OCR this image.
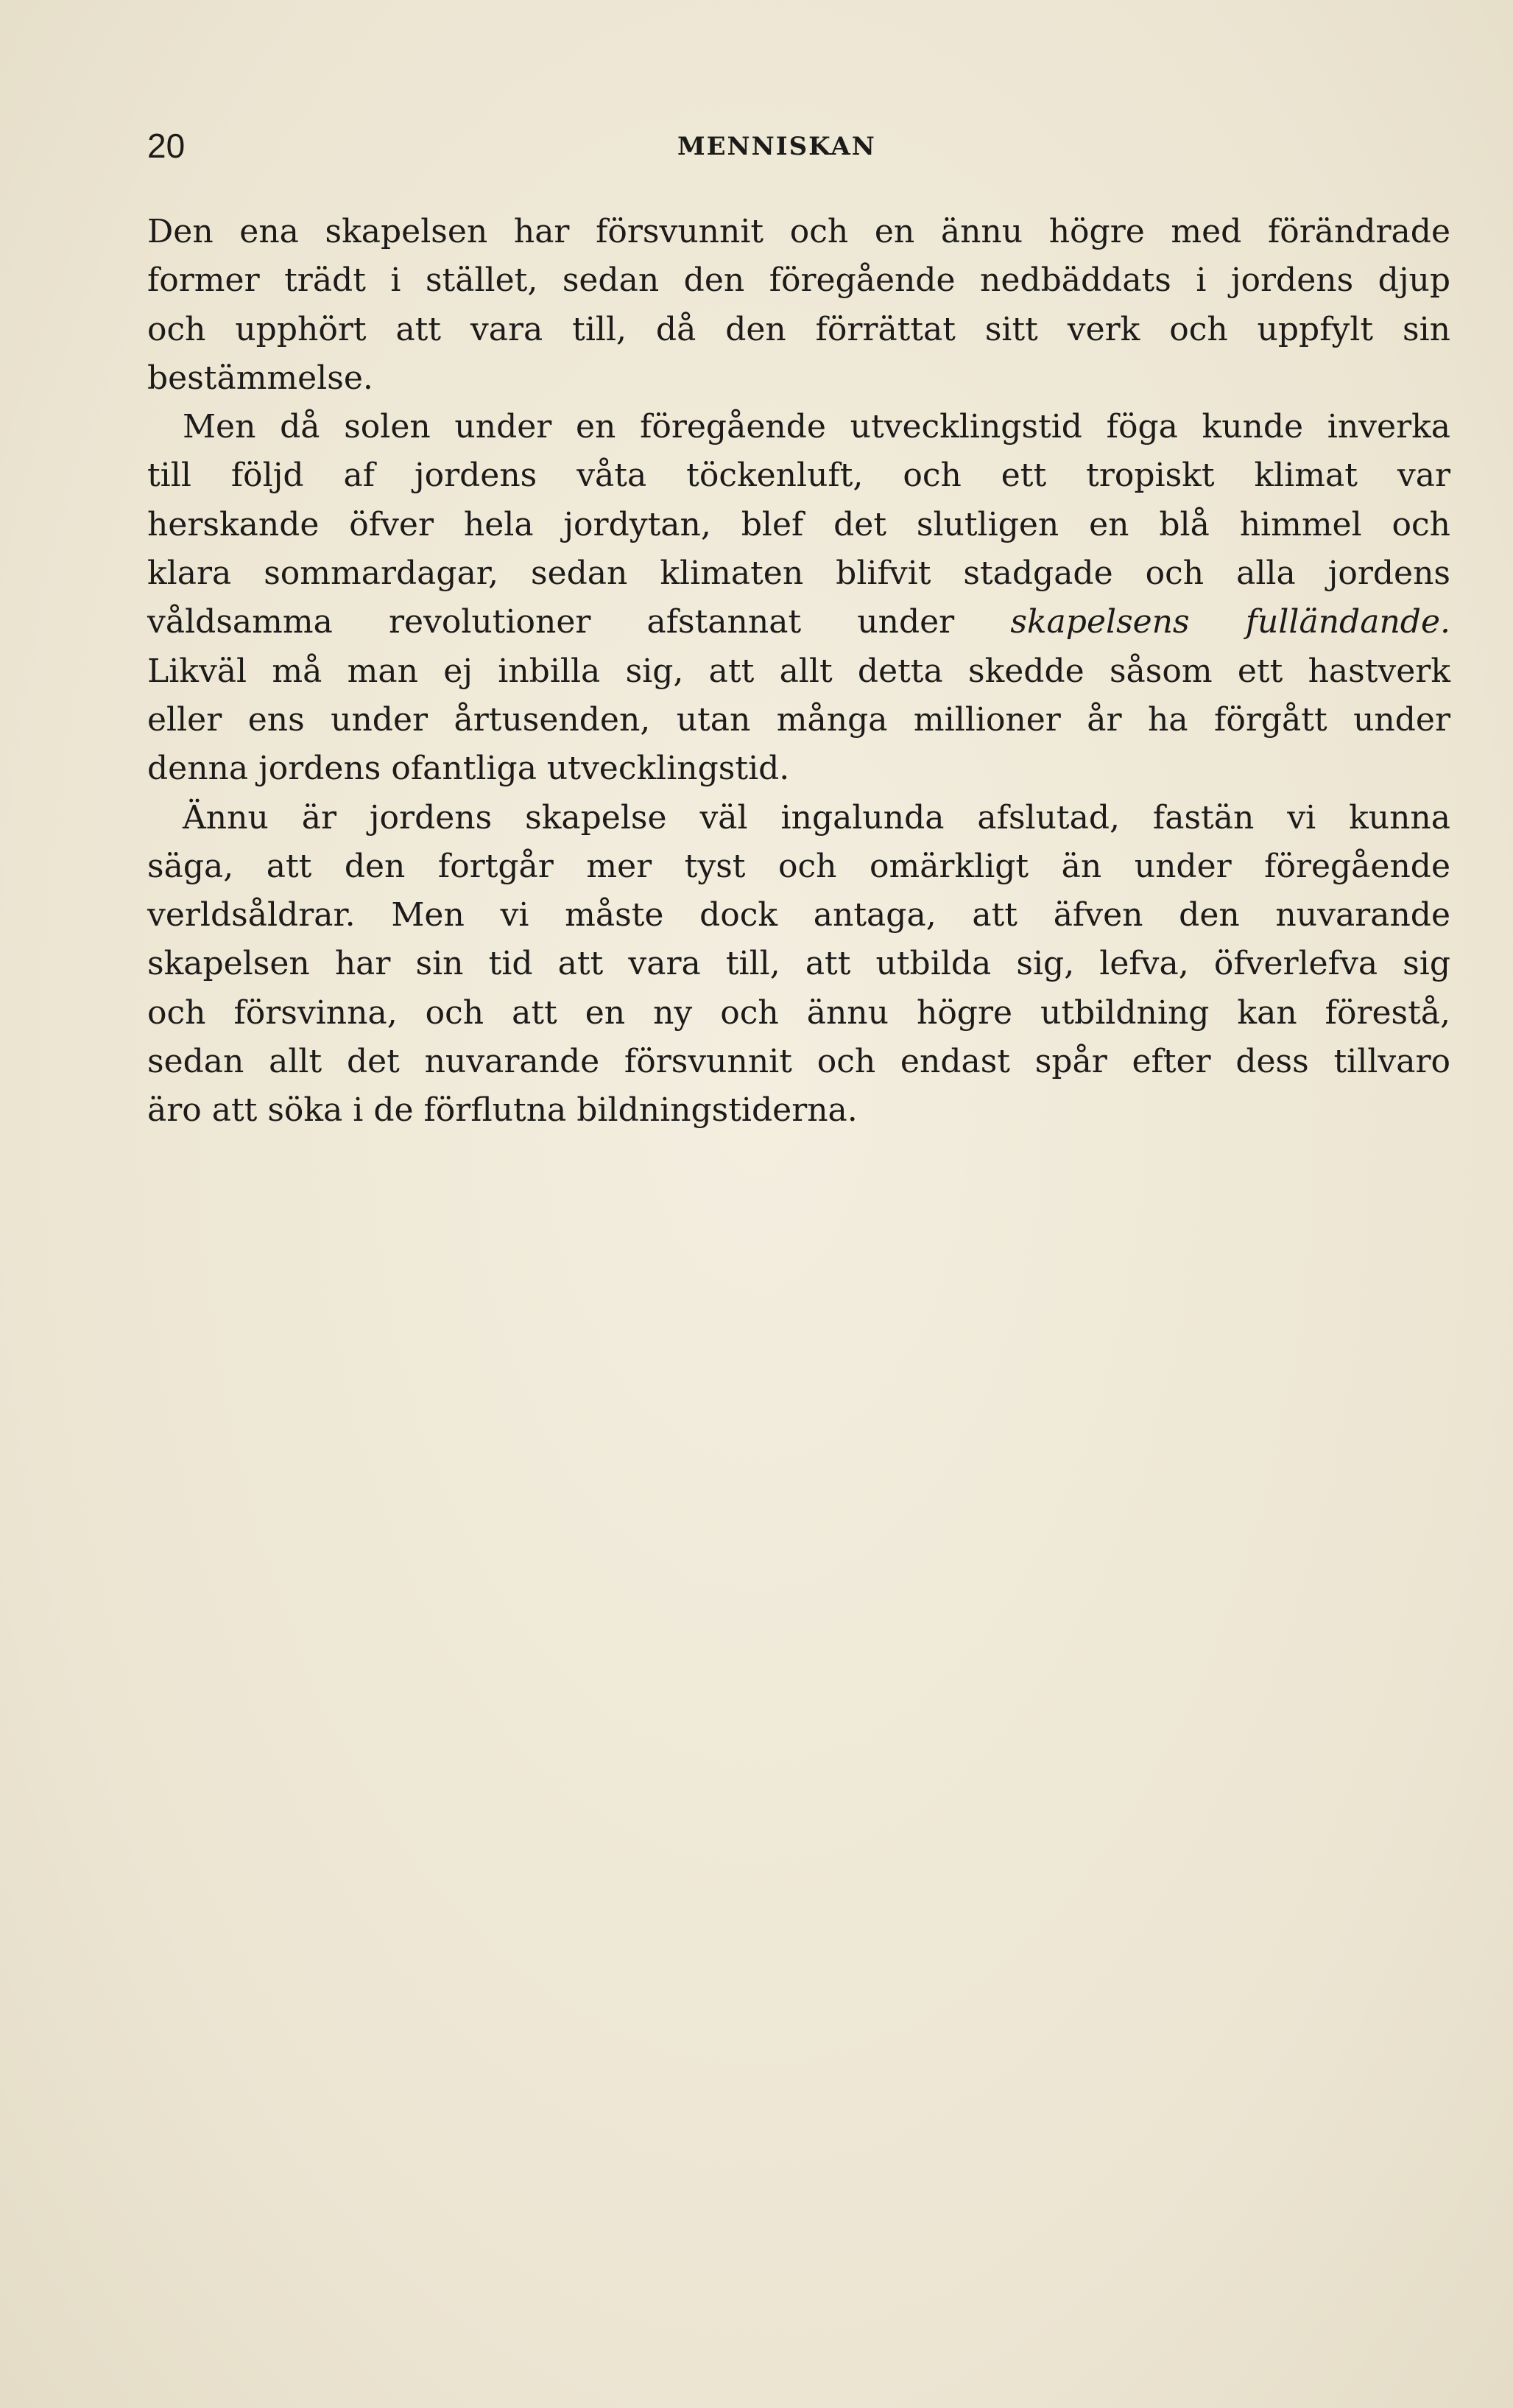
20	MENNISKAN
Den ena skapelsen har försvunnit och en ännu högre med förändrade
former trädt i stället, sedan den föregående nedbäddats i jordens djup
och upphört att vara till, då den förrättat sitt verk och uppfylt sin
bestämmelse.
Men då solen under en föregående utvecklingstid föga kunde inverka
till följd af jordens våta töckenluft, och ett tropiskt klimat var
herskande öfver hela jordytan, blef det slutligen en blå himmel och
klara sommardagar, sedan klimaten blifvit stadgade och alla jordens
våldsamma revolutioner afstannat under skapelsens fulländande.
Likväl må man ej inbilla sig, att allt detta skedde såsom ett hastverk
eller ens under årtusenden, utan många millioner år ha förgått under
denna jordens ofantliga utvecklingstid.
Ännu är jordens skapelse väl ingalunda afslutad, fastän vi kunna
säga, att den fortgår mer tyst och omärkligt än under föregående
verldsåldrar. Men vi måste dock antaga, att äfven den nuvarande
skapelsen har sin tid att vara till, att utbilda sig, lefva, öfverlefva sig
och försvinna, och att en ny och ännu högre utbildning kan förestå,
sedan allt det nuvarande försvunnit och endast spår efter dess tillvaro
äro att söka i de förflutna bildningstiderna.
